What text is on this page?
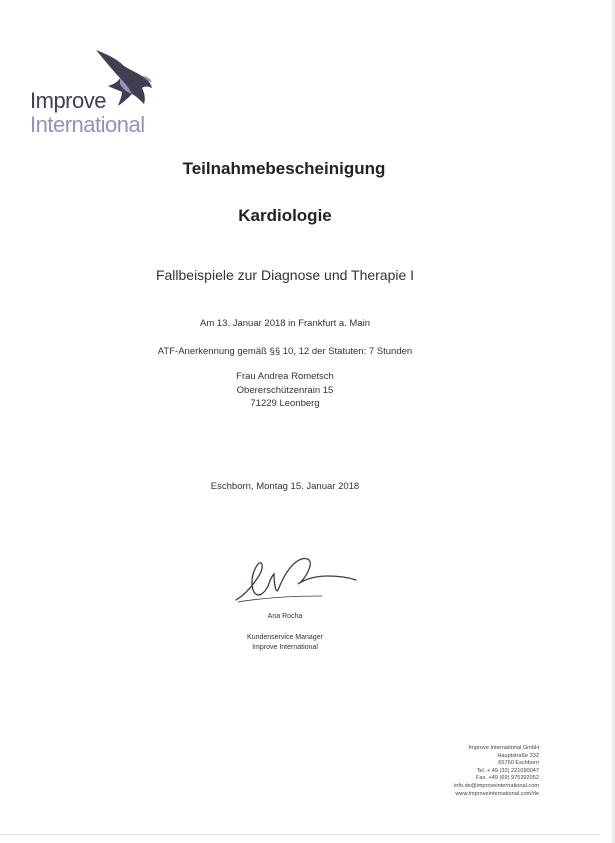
Improve
International
Teilnahmebescheinigung
Kardiologie
Fallbeispiele zur Diagnose und Therapie I
Am 13. Januar 2018 in Frankfurt a. Main
ATF-Anerkennung gemäß §§ 10, 12 der Statuten: 7 Stunden
Frau Andrea Rometsch
Obererschützenrain 15
71229 Leonberg
Eschborn, Montag 15. Januar 2018
Ana Rocha
Kundenservice Manager
Improve International
Improve International GmbH
Hauptstraße 332
65760 Eschborn
Tel. + 49 (32) 221090047
Fax. +49 (69) 975392052
info.de@improveinternational.com
www.improveinternational.com/de
